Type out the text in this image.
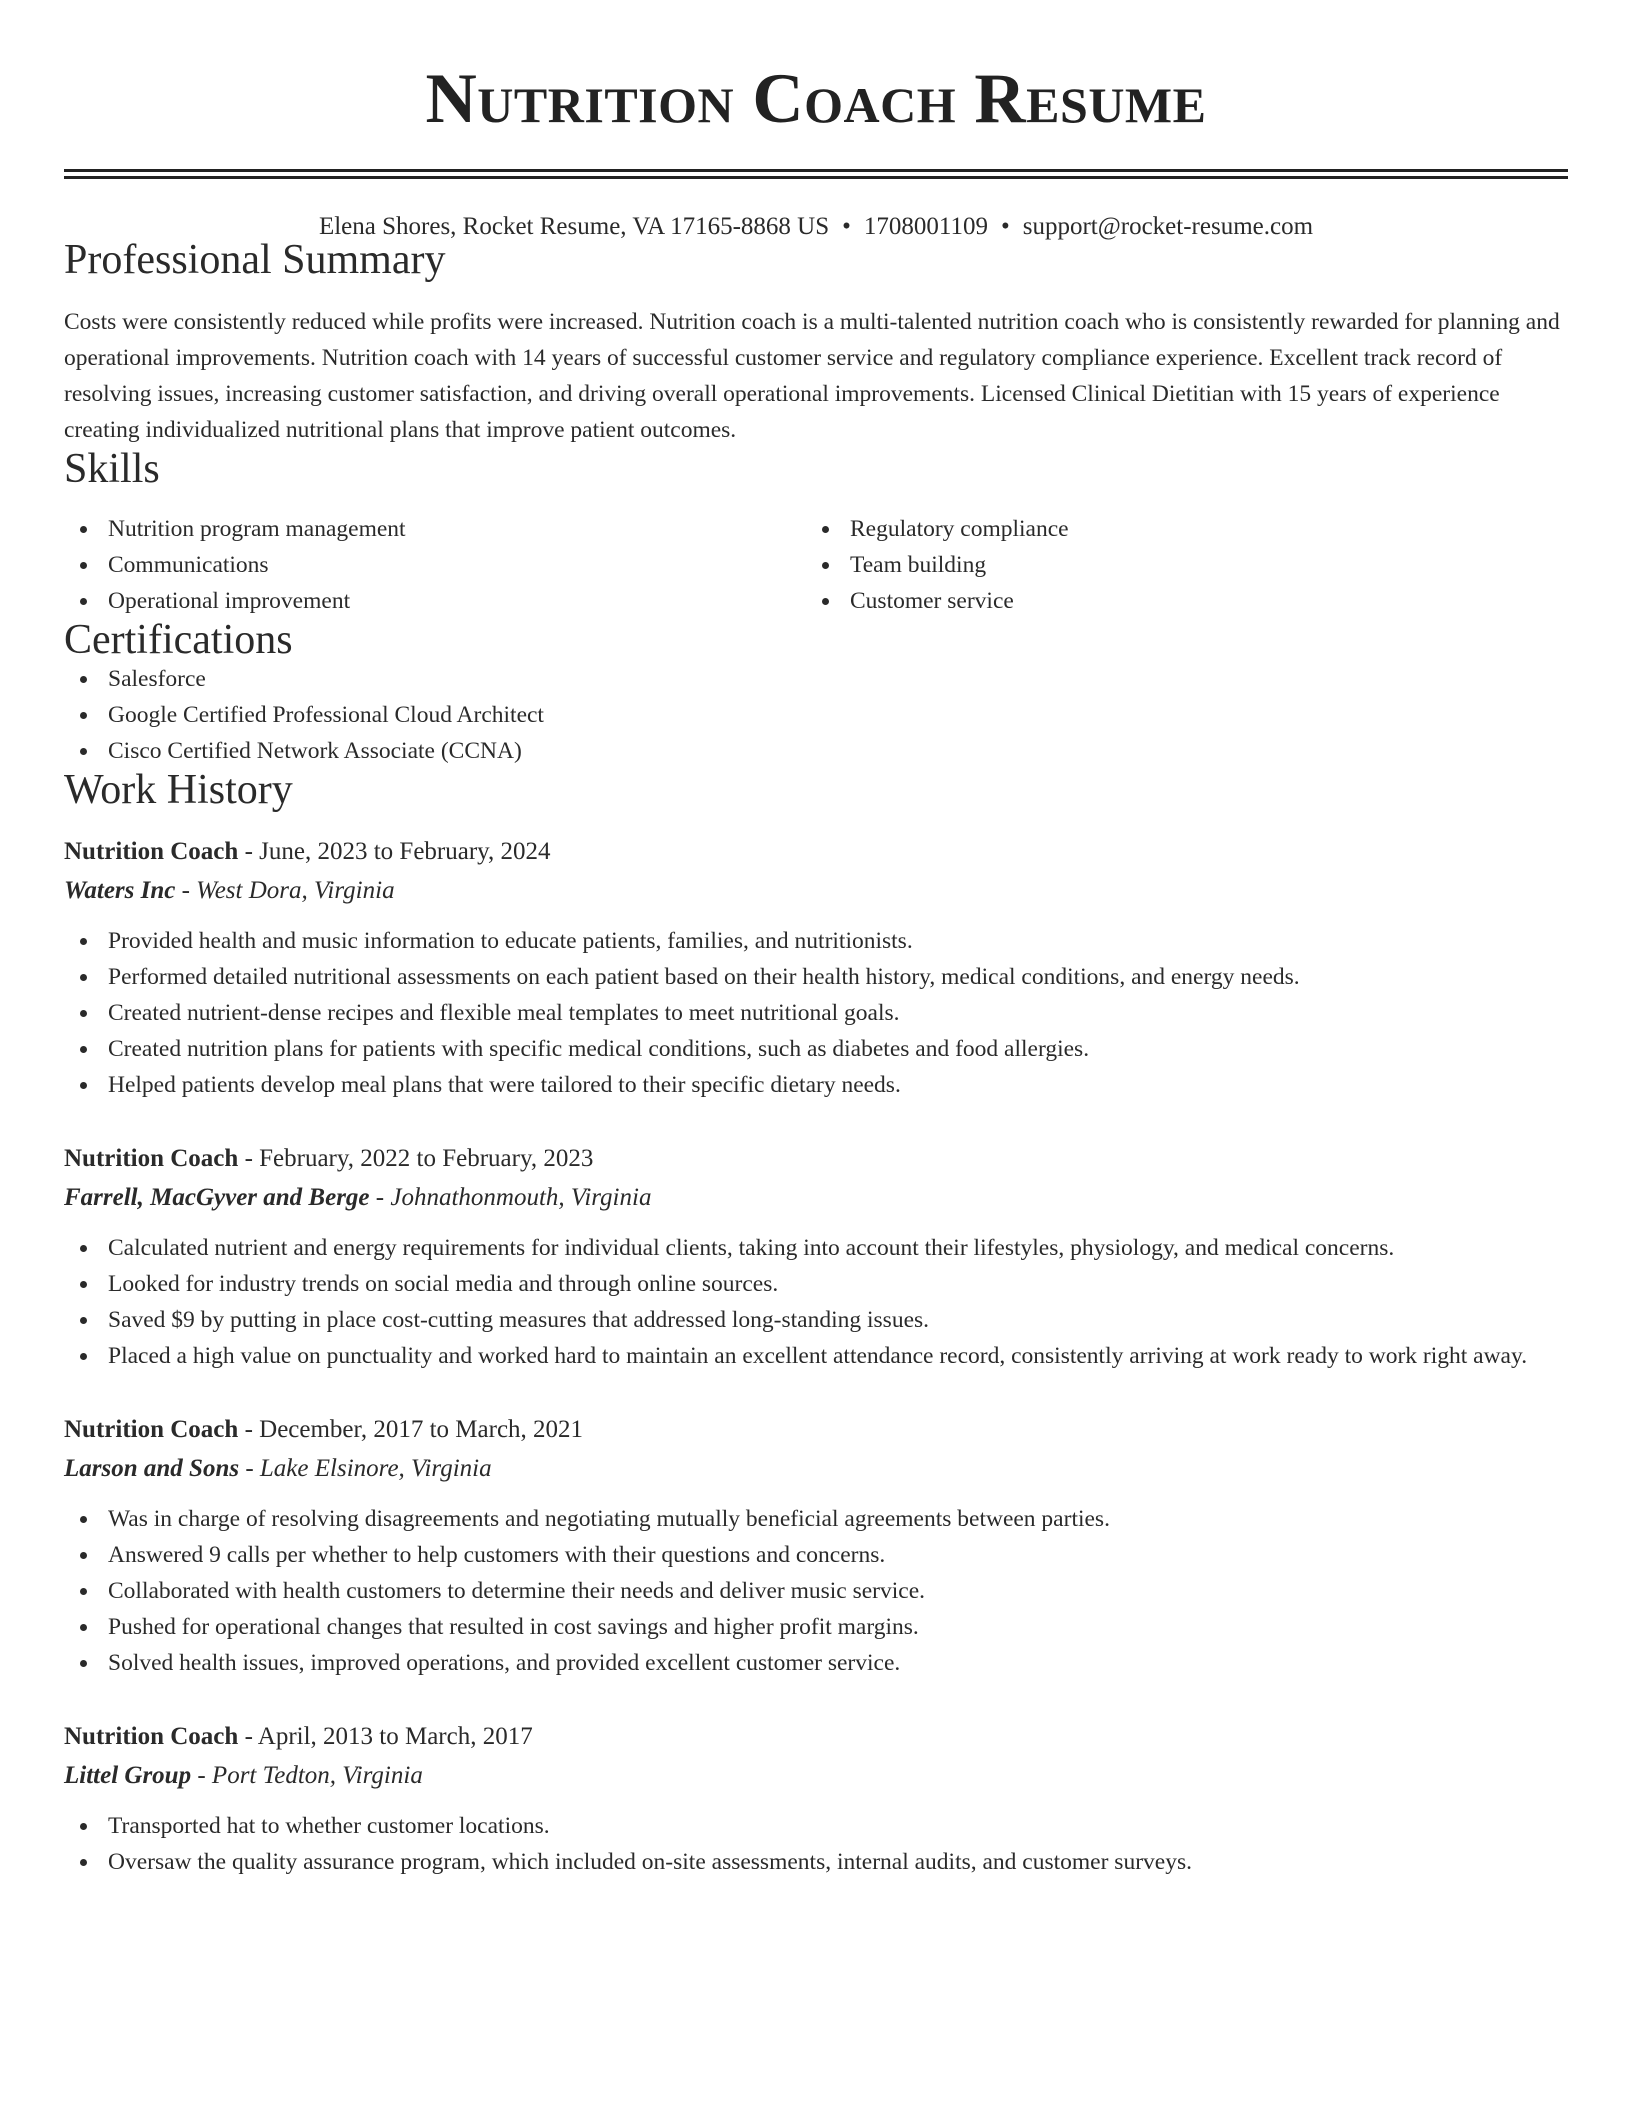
Nutrition Coach Resume
Elena Shores, Rocket Resume, VA 17165-8868 US • 1708001109 • support@rocket-resume.com
Professional Summary

Costs were consistently reduced while profits were increased. Nutrition coach is a multi-talented nutrition coach who is consistently rewarded for planning and operational improvements. Nutrition coach with 14 years of successful customer service and regulatory compliance experience. Excellent track record of resolving issues, increasing customer satisfaction, and driving overall operational improvements. Licensed Clinical Dietitian with 15 years of experience creating individualized nutritional plans that improve patient outcomes.

Skills
Nutrition program management
Communications
Operational improvement
Regulatory compliance
Team building
Customer service
Certifications
Salesforce
Google Certified Professional Cloud Architect
Cisco Certified Network Associate (CCNA)
Work History
Nutrition Coach - June, 2023 to February, 2024
Waters Inc - West Dora, Virginia
Provided health and music information to educate patients, families, and nutritionists.
Performed detailed nutritional assessments on each patient based on their health history, medical conditions, and energy needs.
Created nutrient-dense recipes and flexible meal templates to meet nutritional goals.
Created nutrition plans for patients with specific medical conditions, such as diabetes and food allergies.
Helped patients develop meal plans that were tailored to their specific dietary needs.
Nutrition Coach - February, 2022 to February, 2023
Farrell, MacGyver and Berge - Johnathonmouth, Virginia
Calculated nutrient and energy requirements for individual clients, taking into account their lifestyles, physiology, and medical concerns.
Looked for industry trends on social media and through online sources.
Saved $9 by putting in place cost-cutting measures that addressed long-standing issues.
Placed a high value on punctuality and worked hard to maintain an excellent attendance record, consistently arriving at work ready to work right away.
Nutrition Coach - December, 2017 to March, 2021
Larson and Sons - Lake Elsinore, Virginia
Was in charge of resolving disagreements and negotiating mutually beneficial agreements between parties.
Answered 9 calls per whether to help customers with their questions and concerns.
Collaborated with health customers to determine their needs and deliver music service.
Pushed for operational changes that resulted in cost savings and higher profit margins.
Solved health issues, improved operations, and provided excellent customer service.
Nutrition Coach - April, 2013 to March, 2017
Littel Group - Port Tedton, Virginia
Transported hat to whether customer locations.
Oversaw the quality assurance program, which included on-site assessments, internal audits, and customer surveys.
